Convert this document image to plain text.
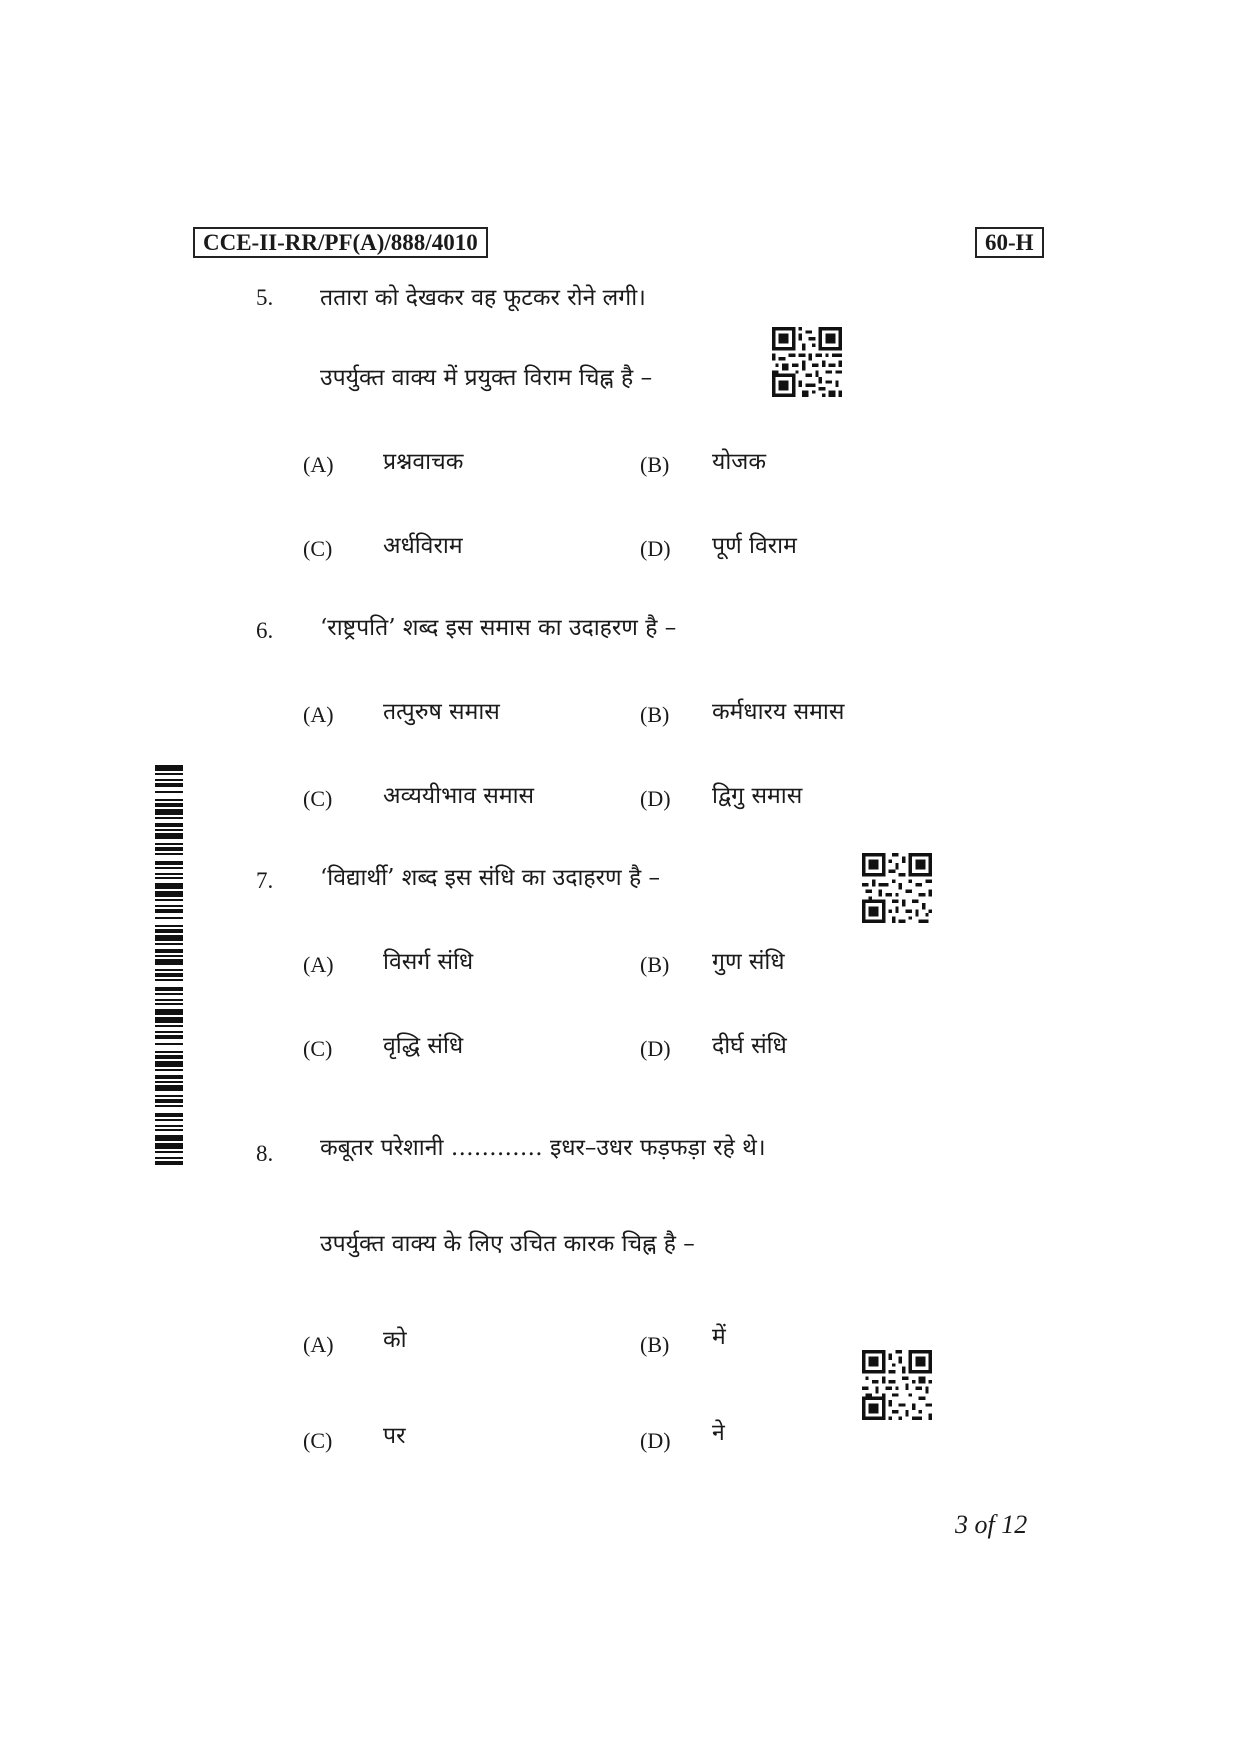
CCE-II-RR/PF(A)/888/4010	60-H
5. ततारा को देखकर वह फूटकर रोने लगी।
उपर्युक्त वाक्य में प्रयुक्त विराम चिह्न है –
(A) प्रश्नवाचक	(B) योजक
(C) अर्धविराम	(D) पूर्ण विराम
6. ‘राष्ट्रपति’ शब्द इस समास का उदाहरण है –
(A) तत्पुरुष समास	(B) कर्मधारय समास
(C) अव्ययीभाव समास	(D) द्विगु समास
7. ‘विद्यार्थी’ शब्द इस संधि का उदाहरण है –
(A) विसर्ग संधि	(B) गुण संधि
(C) वृद्धि संधि	(D) दीर्घ संधि
8. कबूतर परेशानी ………… इधर–उधर फड़फड़ा रहे थे।
उपर्युक्त वाक्य के लिए उचित कारक चिह्न है –
(A) को	(B) में
(C) पर	(D) ने
3 of 12
